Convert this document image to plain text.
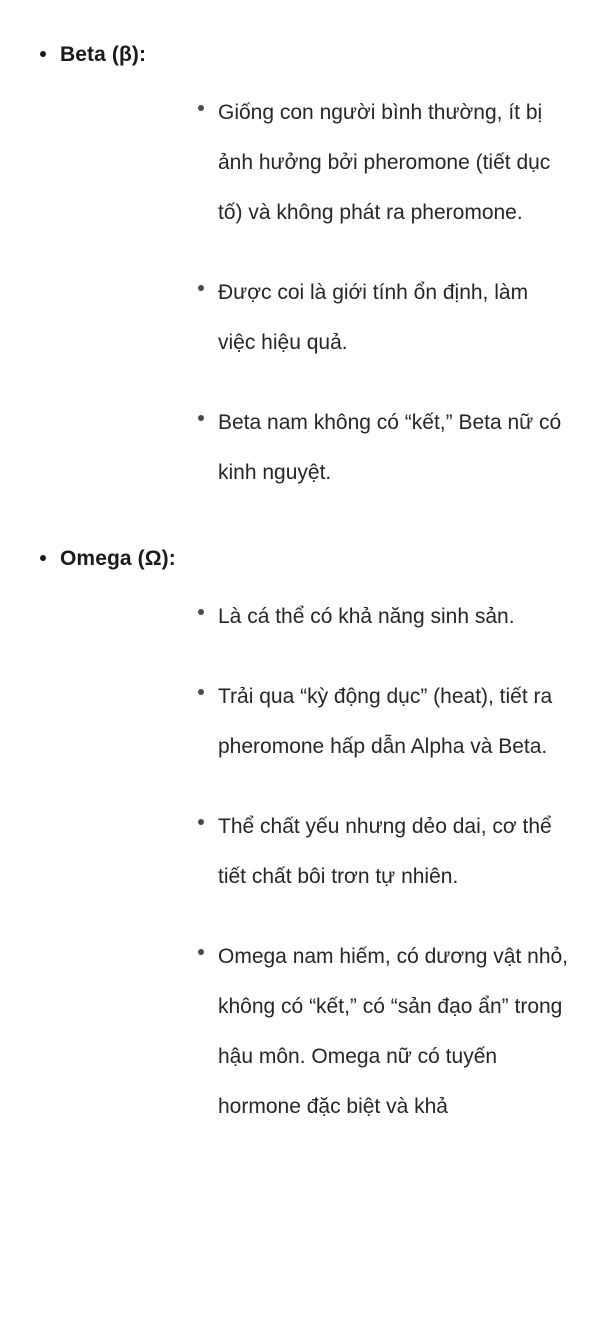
Beta (β):
Giống con người bình thường, ít bị ảnh hưởng bởi pheromone (tiết dục tố) và không phát ra pheromone.
Được coi là giới tính ổn định, làm việc hiệu quả.
Beta nam không có “kết,” Beta nữ có kinh nguyệt.
Omega (Ω):
Là cá thể có khả năng sinh sản.
Trải qua “kỳ động dục” (heat), tiết ra pheromone hấp dẫn Alpha và Beta.
Thể chất yếu nhưng dẻo dai, cơ thể tiết chất bôi trơn tự nhiên.
Omega nam hiếm, có dương vật nhỏ, không có “kết,” có “sản đạo ẩn” trong hậu môn. Omega nữ có tuyến hormone đặc biệt và khả
